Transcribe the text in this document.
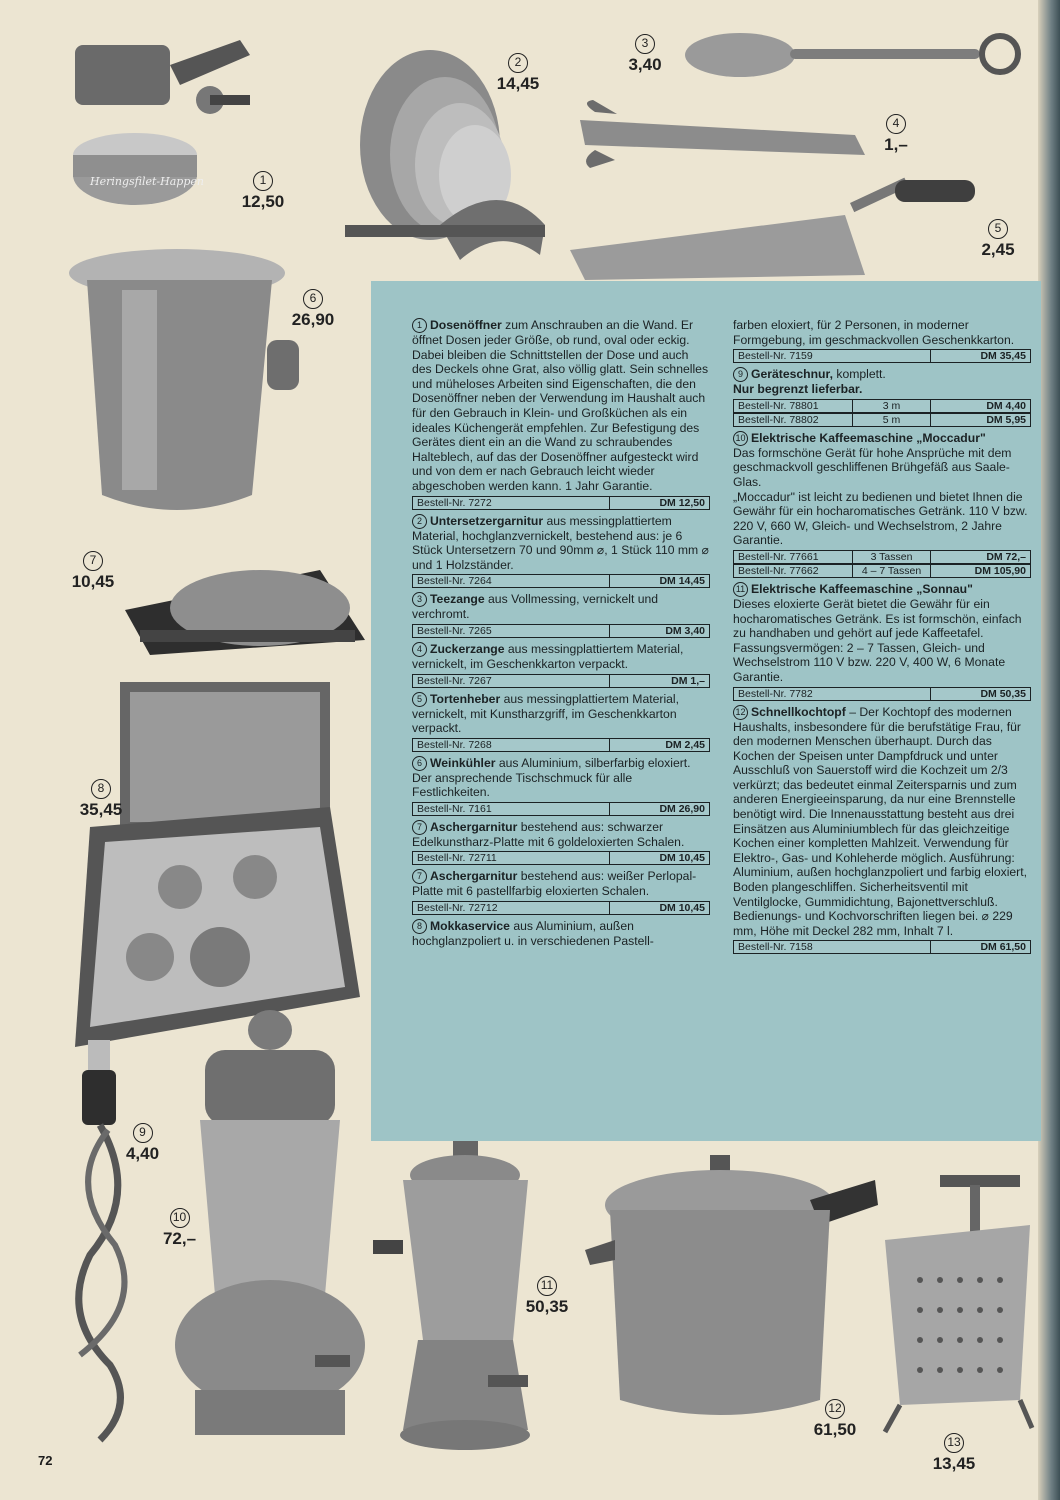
Heringsfilet-Happen	1
12,50
2
14,45
3
3,40
4
1,–
5
2,45
6
26,90
7
10,45
8
35,45
9
4,40
10
72,–
11
50,35
12
61,50
13
13,45
1 Dosenöffner zum Anschrauben an die Wand. Er öffnet Dosen jeder Größe, ob rund, oval oder eckig. Dabei bleiben die Schnittstellen der Dose und auch des Deckels ohne Grat, also völlig glatt. Sein schnelles und müheloses Arbeiten sind Eigenschaften, die den Dosenöffner neben der Verwendung im Haushalt auch für den Gebrauch in Klein- und Großküchen als ein ideales Küchengerät empfehlen. Zur Befestigung des Gerätes dient ein an die Wand zu schraubendes Halteblech, auf das der Dosenöffner aufgesteckt wird und von dem er nach Gebrauch leicht wieder abgeschoben werden kann. 1 Jahr Garantie.
Bestell-Nr. 7272	DM 12,50
2 Untersetzergarnitur aus messingplattiertem Material, hochglanzvernickelt, bestehend aus: je 6 Stück Untersetzern 70 und 90mm ⌀, 1 Stück 110 mm ⌀ und 1 Holzständer.
Bestell-Nr. 7264	DM 14,45
3 Teezange aus Vollmessing, vernickelt und verchromt.
Bestell-Nr. 7265	DM 3,40
4 Zuckerzange aus messingplattiertem Material, vernickelt, im Geschenkkarton verpackt.
Bestell-Nr. 7267	DM 1,–
5 Tortenheber aus messingplattiertem Material, vernickelt, mit Kunstharzgriff, im Geschenkkarton verpackt.
Bestell-Nr. 7268	DM 2,45
6 Weinkühler aus Aluminium, silberfarbig eloxiert. Der ansprechende Tischschmuck für alle Festlichkeiten.
Bestell-Nr. 7161	DM 26,90
7 Aschergarnitur bestehend aus: schwarzer Edelkunstharz-Platte mit 6 goldeloxierten Schalen.
Bestell-Nr. 72711	DM 10,45
7 Aschergarnitur bestehend aus: weißer Perlopal-Platte mit 6 pastellfarbig eloxierten Schalen.
Bestell-Nr. 72712	DM 10,45
8 Mokkaservice aus Aluminium, außen hochglanzpoliert u. in verschiedenen Pastell-
farben eloxiert, für 2 Personen, in moderner Formgebung, im geschmackvollen Geschenkkarton.
Bestell-Nr. 7159	DM 35,45
9 Geräteschnur, komplett.
Nur begrenzt lieferbar.
Bestell-Nr. 78801	3 m	DM 4,40
Bestell-Nr. 78802	5 m	DM 5,95
10 Elektrische Kaffeemaschine „Moccadur"
Das formschöne Gerät für hohe Ansprüche mit dem geschmackvoll geschliffenen Brühgefäß aus Saale-Glas.
„Moccadur" ist leicht zu bedienen und bietet Ihnen die Gewähr für ein hocharomatisches Getränk. 110 V bzw. 220 V, 660 W, Gleich- und Wechselstrom, 2 Jahre Garantie.
Bestell-Nr. 77661	3 Tassen	DM 72,–
Bestell-Nr. 77662	4 – 7 Tassen	DM 105,90
11 Elektrische Kaffeemaschine „Sonnau"
Dieses eloxierte Gerät bietet die Gewähr für ein hocharomatisches Getränk. Es ist formschön, einfach zu handhaben und gehört auf jede Kaffeetafel. Fassungsvermögen: 2 – 7 Tassen, Gleich- und Wechselstrom 110 V bzw. 220 V, 400 W, 6 Monate Garantie.
Bestell-Nr. 7782	DM 50,35
12 Schnellkochtopf – Der Kochtopf des modernen Haushalts, insbesondere für die berufstätige Frau, für den modernen Menschen überhaupt. Durch das Kochen der Speisen unter Dampfdruck und unter Ausschluß von Sauerstoff wird die Kochzeit um 2/3 verkürzt; das bedeutet einmal Zeitersparnis und zum anderen Energieeinsparung, da nur eine Brennstelle benötigt wird. Die Innenausstattung besteht aus drei Einsätzen aus Aluminiumblech für das gleichzeitige Kochen einer kompletten Mahlzeit. Verwendung für Elektro-, Gas- und Kohleherde möglich. Ausführung: Aluminium, außen hochglanzpoliert und farbig eloxiert, Boden plangeschliffen. Sicherheitsventil mit Ventilglocke, Gummidichtung, Bajonettverschluß. Bedienungs- und Kochvorschriften liegen bei. ⌀ 229 mm, Höhe mit Deckel 282 mm, Inhalt 7 l.
Bestell-Nr. 7158	DM 61,50
72
